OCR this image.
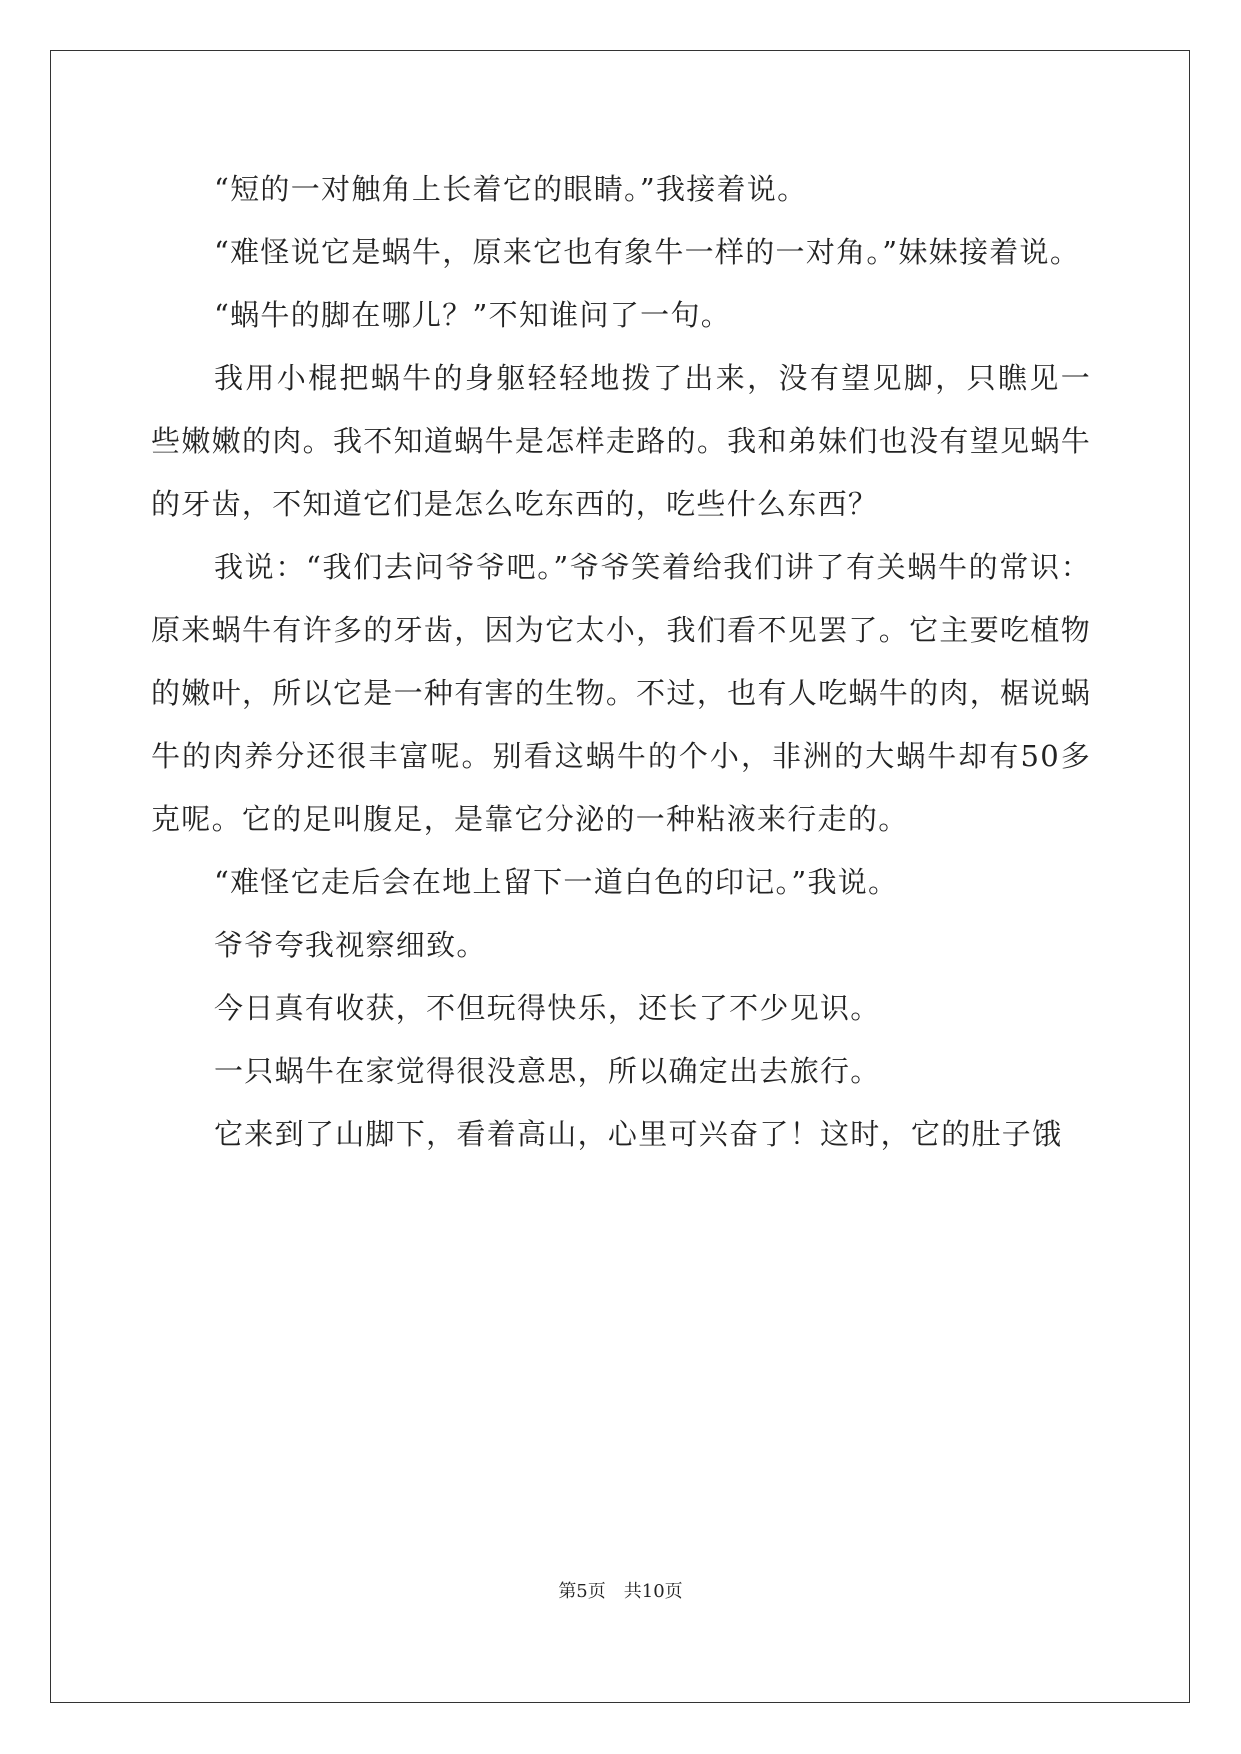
“短的一对触角上长着它的眼睛。”我接着说。

“难怪说它是蜗牛，原来它也有象牛一样的一对角。”妹妹接着说。

“蜗牛的脚在哪儿？”不知谁问了一句。

我用小棍把蜗牛的身躯轻轻地拨了出来，没有望见脚，只瞧见一些嫩嫩的肉。我不知道蜗牛是怎样走路的。我和弟妹们也没有望见蜗牛的牙齿，不知道它们是怎么吃东西的，吃些什么东西？

我说：“我们去问爷爷吧。”爷爷笑着给我们讲了有关蜗牛的常识：原来蜗牛有许多的牙齿，因为它太小，我们看不见罢了。它主要吃植物的嫩叶，所以它是一种有害的生物。不过，也有人吃蜗牛的肉，椐说蜗牛的肉养分还很丰富呢。别看这蜗牛的个小，非洲的大蜗牛却有50多克呢。它的足叫腹足，是靠它分泌的一种粘液来行走的。

“难怪它走后会在地上留下一道白色的印记。”我说。

爷爷夸我视察细致。

今日真有收获，不但玩得快乐，还长了不少见识。

一只蜗牛在家觉得很没意思，所以确定出去旅行。

它来到了山脚下，看着高山，心里可兴奋了！这时，它的肚子饿

第5页　共10页
